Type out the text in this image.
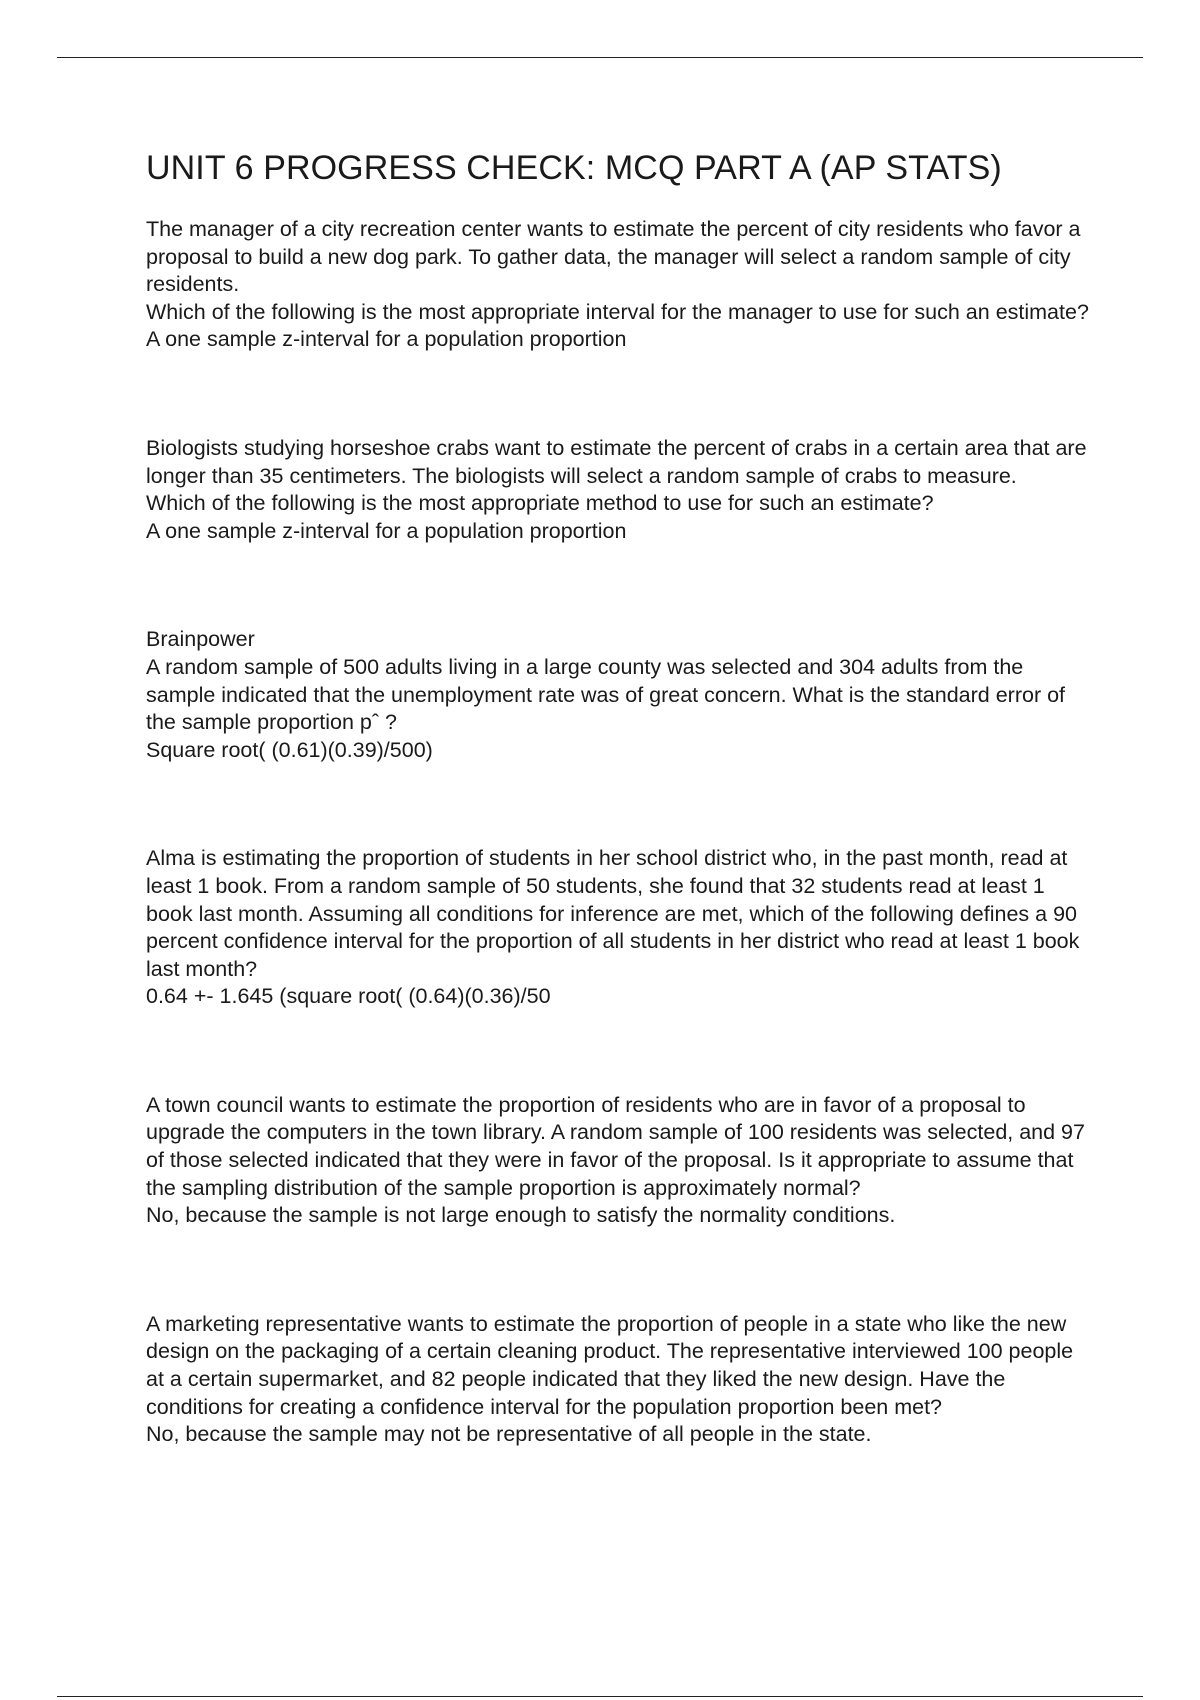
UNIT 6 PROGRESS CHECK: MCQ PART A (AP STATS)

The manager of a city recreation center wants to estimate the percent of city residents who favor a proposal to build a new dog park. To gather data, the manager will select a random sample of city residents.

Which of the following is the most appropriate interval for the manager to use for such an estimate?

A one sample z-interval for a population proportion

Biologists studying horseshoe crabs want to estimate the percent of crabs in a certain area that are longer than 35 centimeters. The biologists will select a random sample of crabs to measure.

Which of the following is the most appropriate method to use for such an estimate?

A one sample z-interval for a population proportion

Brainpower

A random sample of 500 adults living in a large county was selected and 304 adults from the sample indicated that the unemployment rate was of great concern. What is the standard error of the sample proportion pˆ ?

Square root( (0.61)(0.39)/500)

Alma is estimating the proportion of students in her school district who, in the past month, read at least 1 book. From a random sample of 50 students, she found that 32 students read at least 1 book last month. Assuming all conditions for inference are met, which of the following defines a 90 percent confidence interval for the proportion of all students in her district who read at least 1 book last month?

0.64 +- 1.645 (square root( (0.64)(0.36)/50

A town council wants to estimate the proportion of residents who are in favor of a proposal to upgrade the computers in the town library. A random sample of 100 residents was selected, and 97 of those selected indicated that they were in favor of the proposal. Is it appropriate to assume that the sampling distribution of the sample proportion is approximately normal?

No, because the sample is not large enough to satisfy the normality conditions.

A marketing representative wants to estimate the proportion of people in a state who like the new design on the packaging of a certain cleaning product. The representative interviewed 100 people at a certain supermarket, and 82 people indicated that they liked the new design. Have the conditions for creating a confidence interval for the population proportion been met?

No, because the sample may not be representative of all people in the state.
